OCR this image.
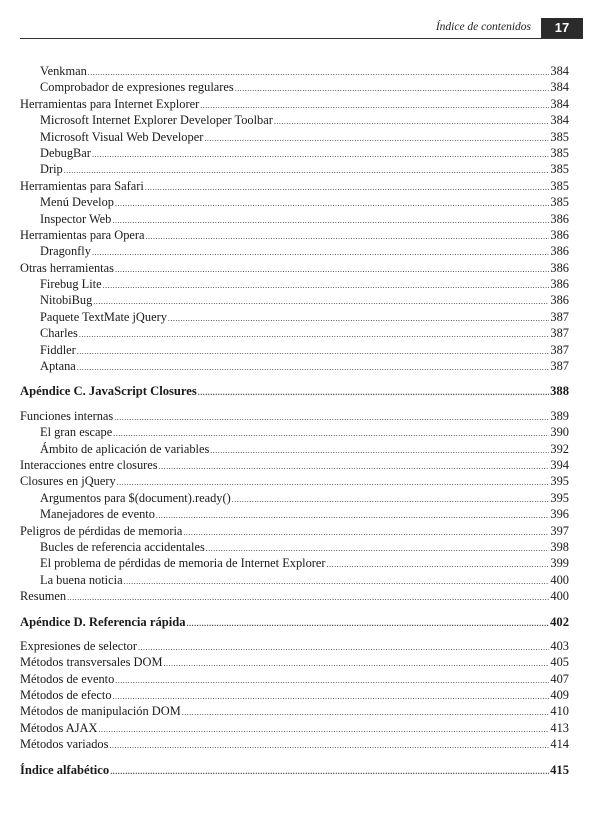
Índice de contenidos	17
Venkman .....	384
Comprobador de expresiones regulares .....	384
Herramientas para Internet Explorer .....	384
Microsoft Internet Explorer Developer Toolbar .....	384
Microsoft Visual Web Developer .....	385
DebugBar .....	385
Drip .....	385
Herramientas para Safari .....	385
Menú Develop .....	385
Inspector Web .....	386
Herramientas para Opera .....	386
Dragonfly .....	386
Otras herramientas .....	386
Firebug Lite .....	386
NitobiBug .....	386
Paquete TextMate jQuery .....	387
Charles .....	387
Fiddler .....	387
Aptana .....	387
Apéndice C. JavaScript Closures .....	388
Funciones internas .....	389
El gran escape .....	390
Ámbito de aplicación de variables .....	392
Interacciones entre closures .....	394
Closures en jQuery .....	395
Argumentos para $(document).ready() .....	395
Manejadores de evento .....	396
Peligros de pérdidas de memoria .....	397
Bucles de referencia accidentales .....	398
El problema de pérdidas de memoria de Internet Explorer .....	399
La buena noticia .....	400
Resumen .....	400
Apéndice D. Referencia rápida .....	402
Expresiones de selector .....	403
Métodos transversales DOM .....	405
Métodos de evento .....	407
Métodos de efecto .....	409
Métodos de manipulación DOM .....	410
Métodos AJAX .....	413
Métodos variados .....	414
Índice alfabético .....	415
